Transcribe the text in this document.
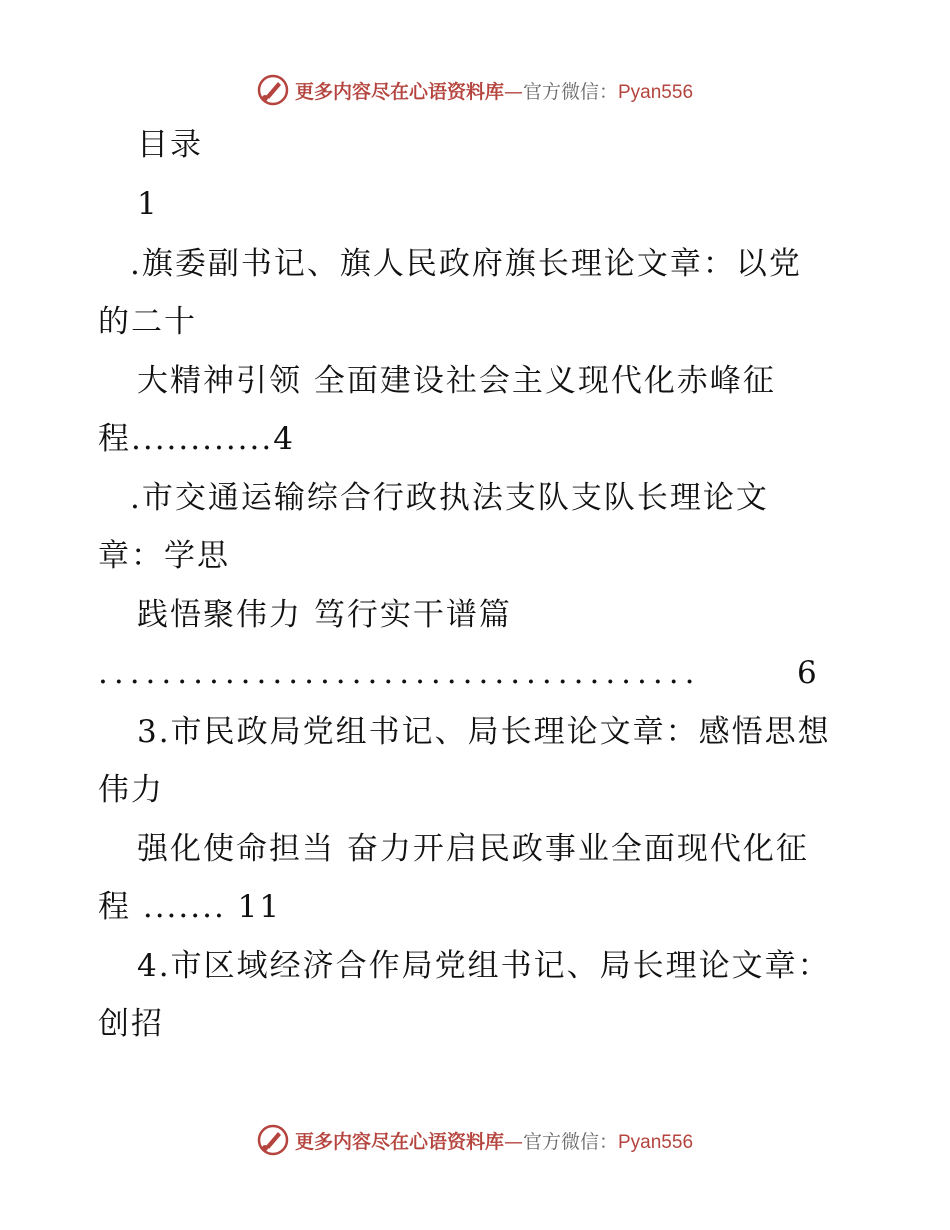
更多内容尽在心语资料库—官方微信：Pyan556
目录
1
.旗委副书记、旗人民政府旗长理论文章：以党
的二十
大精神引领 全面建设社会主义现代化赤峰征
程............4
.市交通运输综合行政执法支队支队长理论文
章：学思
践悟聚伟力 笃行实干谱篇
......................................	6
3.市民政局党组书记、局长理论文章：感悟思想
伟力
强化使命担当 奋力开启民政事业全面现代化征
程 ....... 11
4.市区域经济合作局党组书记、局长理论文章：
创招
更多内容尽在心语资料库—官方微信：Pyan556
